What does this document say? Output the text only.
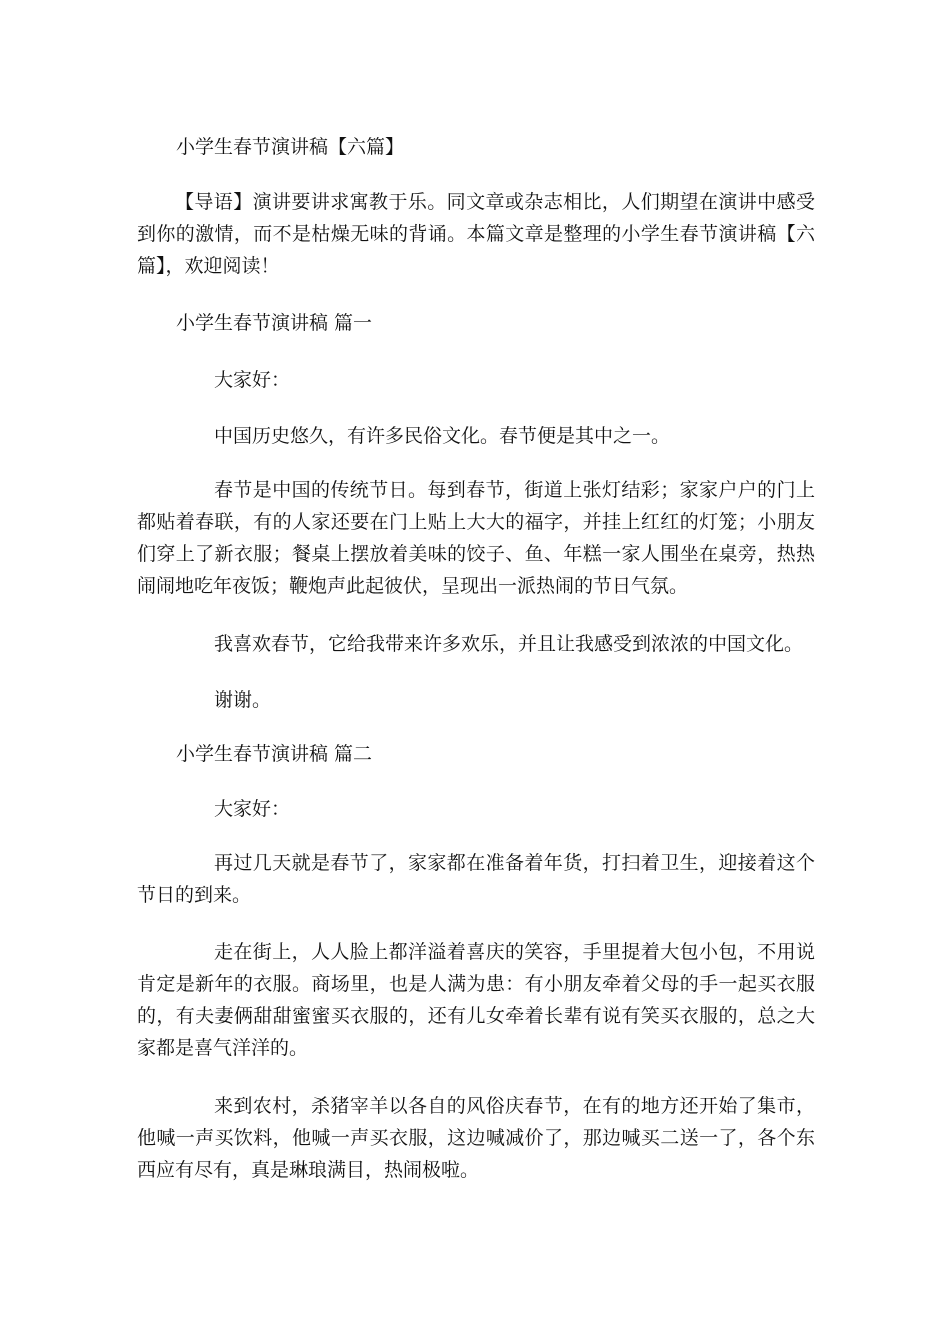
小学生春节演讲稿【六篇】

【导语】演讲要讲求寓教于乐。同文章或杂志相比，人们期望在演讲中感受到你的激情，而不是枯燥无味的背诵。本篇文章是整理的小学生春节演讲稿【六篇】，欢迎阅读！

小学生春节演讲稿 篇一

大家好：

中国历史悠久，有许多民俗文化。春节便是其中之一。

春节是中国的传统节日。每到春节，街道上张灯结彩；家家户户的门上都贴着春联，有的人家还要在门上贴上大大的福字，并挂上红红的灯笼；小朋友们穿上了新衣服；餐桌上摆放着美味的饺子、鱼、年糕一家人围坐在桌旁，热热闹闹地吃年夜饭；鞭炮声此起彼伏，呈现出一派热闹的节日气氛。

我喜欢春节，它给我带来许多欢乐，并且让我感受到浓浓的中国文化。

谢谢。

小学生春节演讲稿 篇二

大家好：

再过几天就是春节了，家家都在准备着年货，打扫着卫生，迎接着这个节日的到来。

走在街上，人人脸上都洋溢着喜庆的笑容，手里提着大包小包，不用说肯定是新年的衣服。商场里，也是人满为患：有小朋友牵着父母的手一起买衣服的，有夫妻俩甜甜蜜蜜买衣服的，还有儿女牵着长辈有说有笑买衣服的，总之大家都是喜气洋洋的。

来到农村，杀猪宰羊以各自的风俗庆春节，在有的地方还开始了集市，他喊一声买饮料，他喊一声买衣服，这边喊减价了，那边喊买二送一了，各个东西应有尽有，真是琳琅满目，热闹极啦。
